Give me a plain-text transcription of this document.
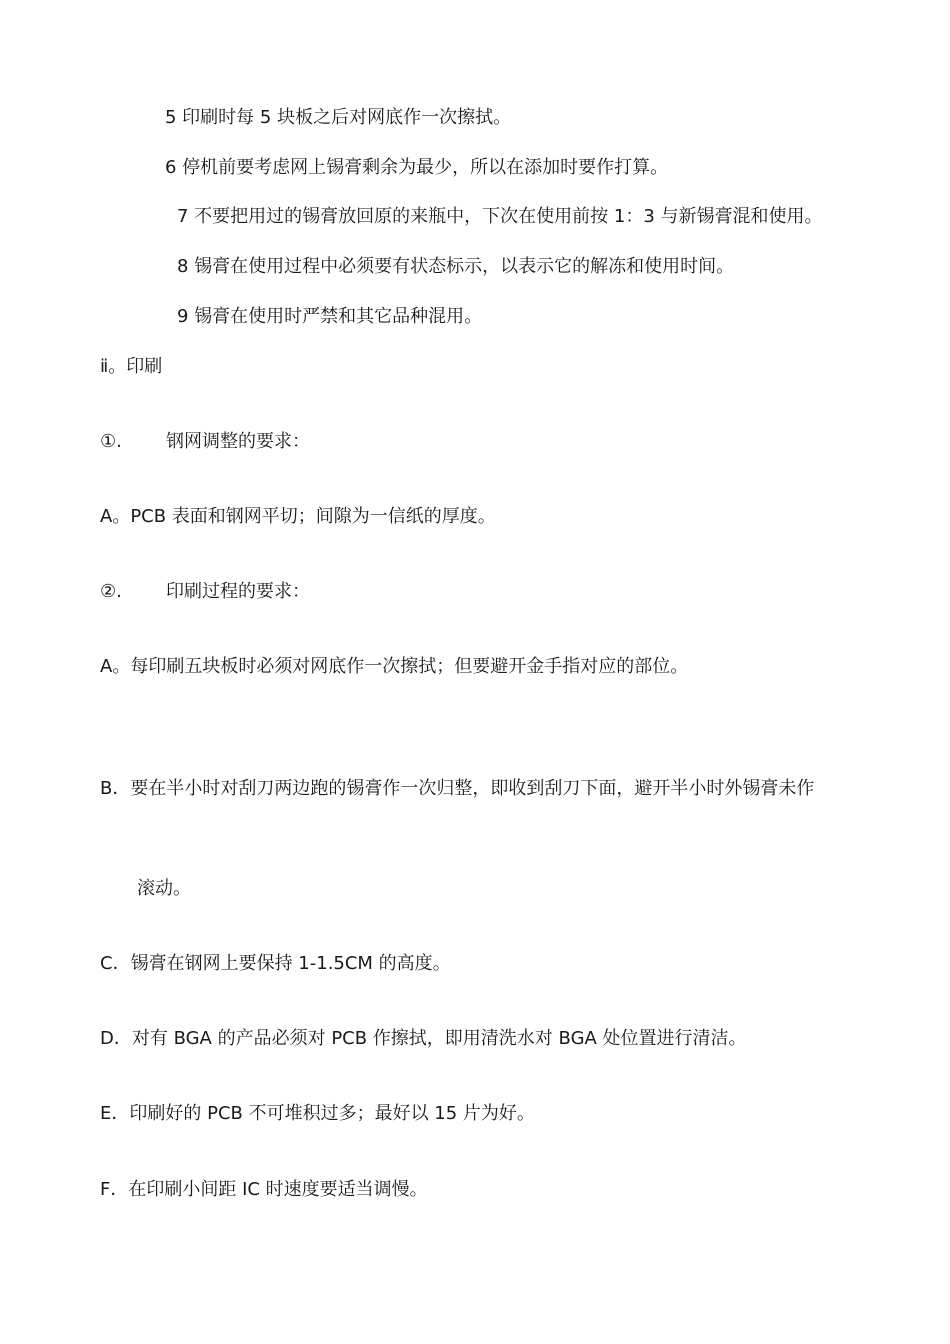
5 印刷时每 5 块板之后对网底作一次擦拭。
6 停机前要考虑网上锡膏剩余为最少，所以在添加时要作打算。
7 不要把用过的锡膏放回原的来瓶中，下次在使用前按 1：3 与新锡膏混和使用。
8 锡膏在使用过程中必须要有状态标示，以表示它的解冻和使用时间。
9 锡膏在使用时严禁和其它品种混用。
ⅱ。印刷
①. 钢网调整的要求：
A。PCB 表面和钢网平切；间隙为一信纸的厚度。
②. 印刷过程的要求：
A。每印刷五块板时必须对网底作一次擦拭；但要避开金手指对应的部位。
B．要在半小时对刮刀两边跑的锡膏作一次归整，即收到刮刀下面，避开半小时外锡膏未作
滚动。
C．锡膏在钢网上要保持 1-1.5CM 的高度。
D．对有 BGA 的产品必须对 PCB 作擦拭，即用清洗水对 BGA 处位置进行清洁。
E．印刷好的 PCB 不可堆积过多；最好以 15 片为好。
F．在印刷小间距 IC 时速度要适当调慢。
